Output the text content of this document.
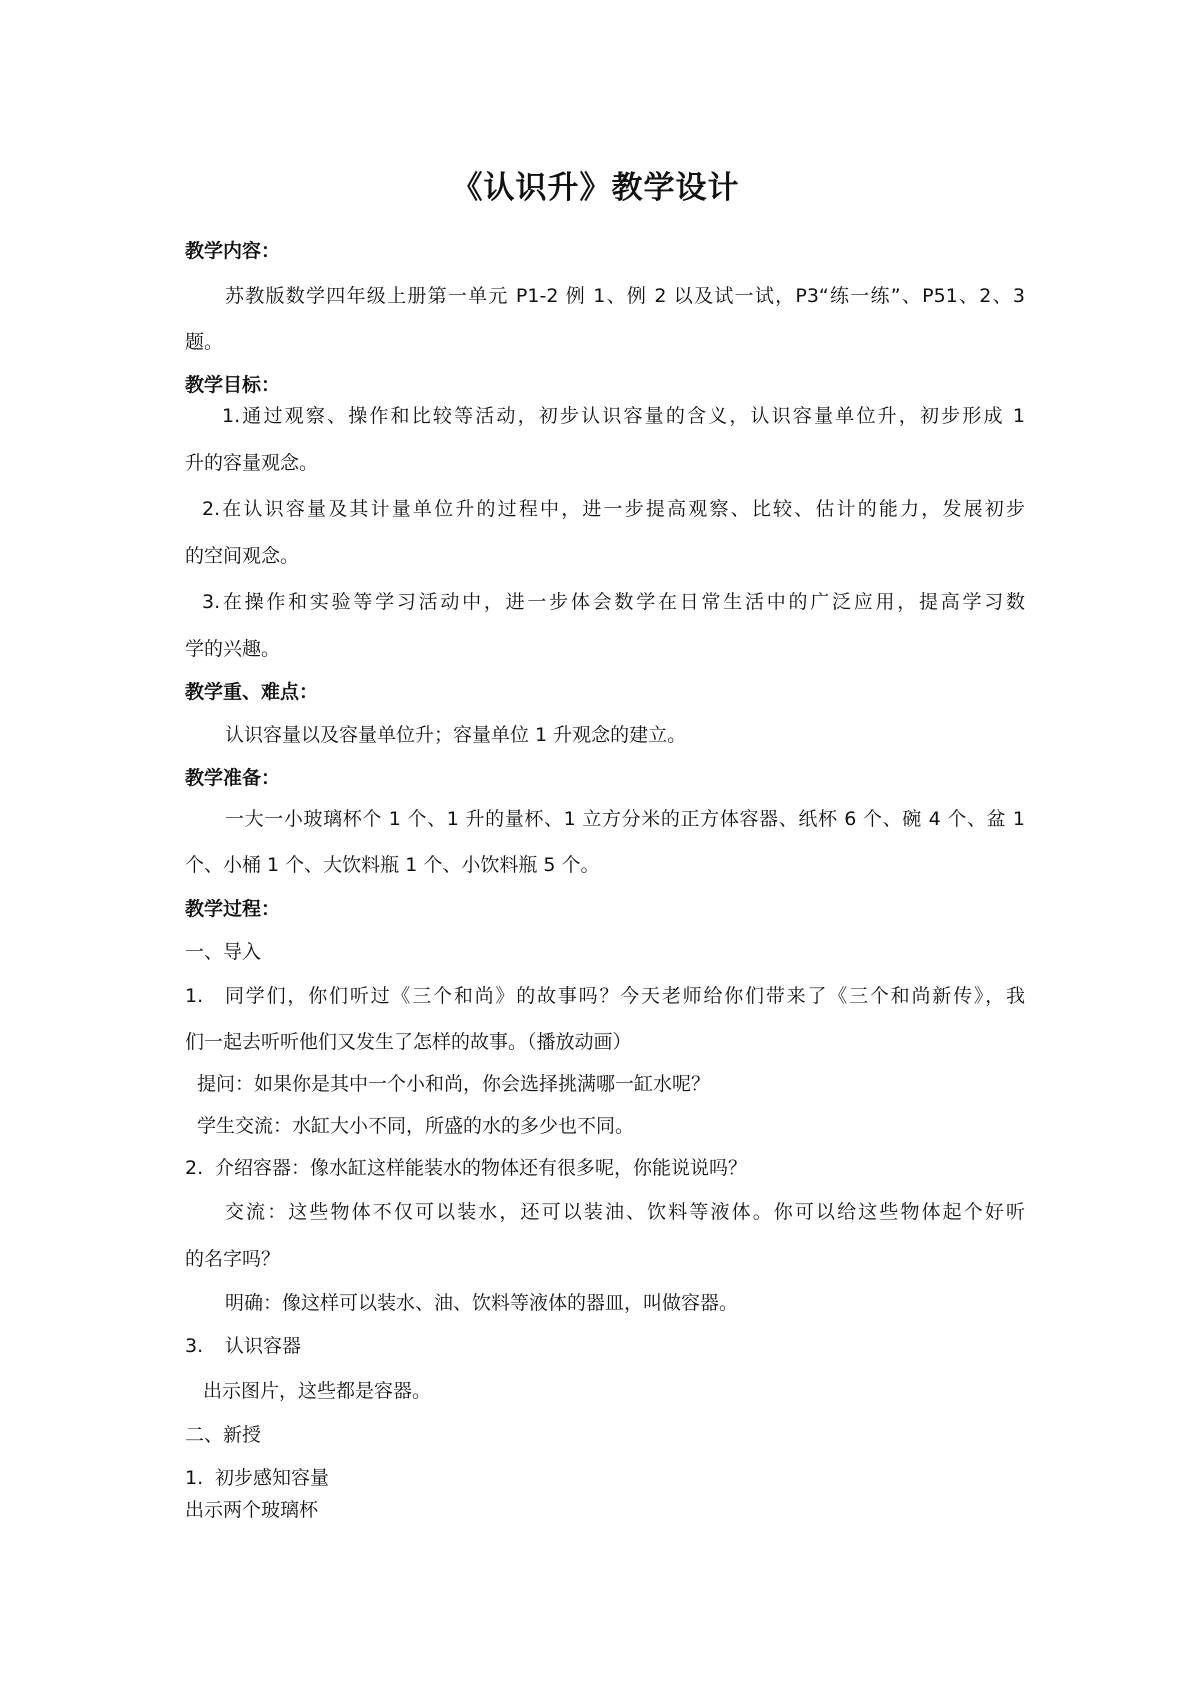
《认识升》教学设计
教学内容：
苏教版数学四年级上册第一单元 P1-2 例 1、例 2 以及试一试，P3“练一练”、P51、2、3
题。
教学目标：
1.通过观察、操作和比较等活动，初步认识容量的含义，认识容量单位升，初步形成 1
升的容量观念。
2.在认识容量及其计量单位升的过程中，进一步提高观察、比较、估计的能力，发展初步
的空间观念。
3.在操作和实验等学习活动中，进一步体会数学在日常生活中的广泛应用，提高学习数
学的兴趣。
教学重、难点：
认识容量以及容量单位升；容量单位 1 升观念的建立。
教学准备：
一大一小玻璃杯个 1 个、1 升的量杯、1 立方分米的正方体容器、纸杯 6 个、碗 4 个、盆 1
个、小桶 1 个、大饮料瓶 1 个、小饮料瓶 5 个。
教学过程：
一、导入
1. 同学们，你们听过《三个和尚》的故事吗？今天老师给你们带来了《三个和尚新传》，我
们一起去听听他们又发生了怎样的故事。（播放动画）
提问：如果你是其中一个小和尚，你会选择挑满哪一缸水呢？
学生交流：水缸大小不同，所盛的水的多少也不同。
2. 介绍容器：像水缸这样能装水的物体还有很多呢，你能说说吗？
交流：这些物体不仅可以装水，还可以装油、饮料等液体。你可以给这些物体起个好听
的名字吗？
明确：像这样可以装水、油、饮料等液体的器皿，叫做容器。
3. 认识容器
出示图片，这些都是容器。
二、新授
1. 初步感知容量
出示两个玻璃杯
